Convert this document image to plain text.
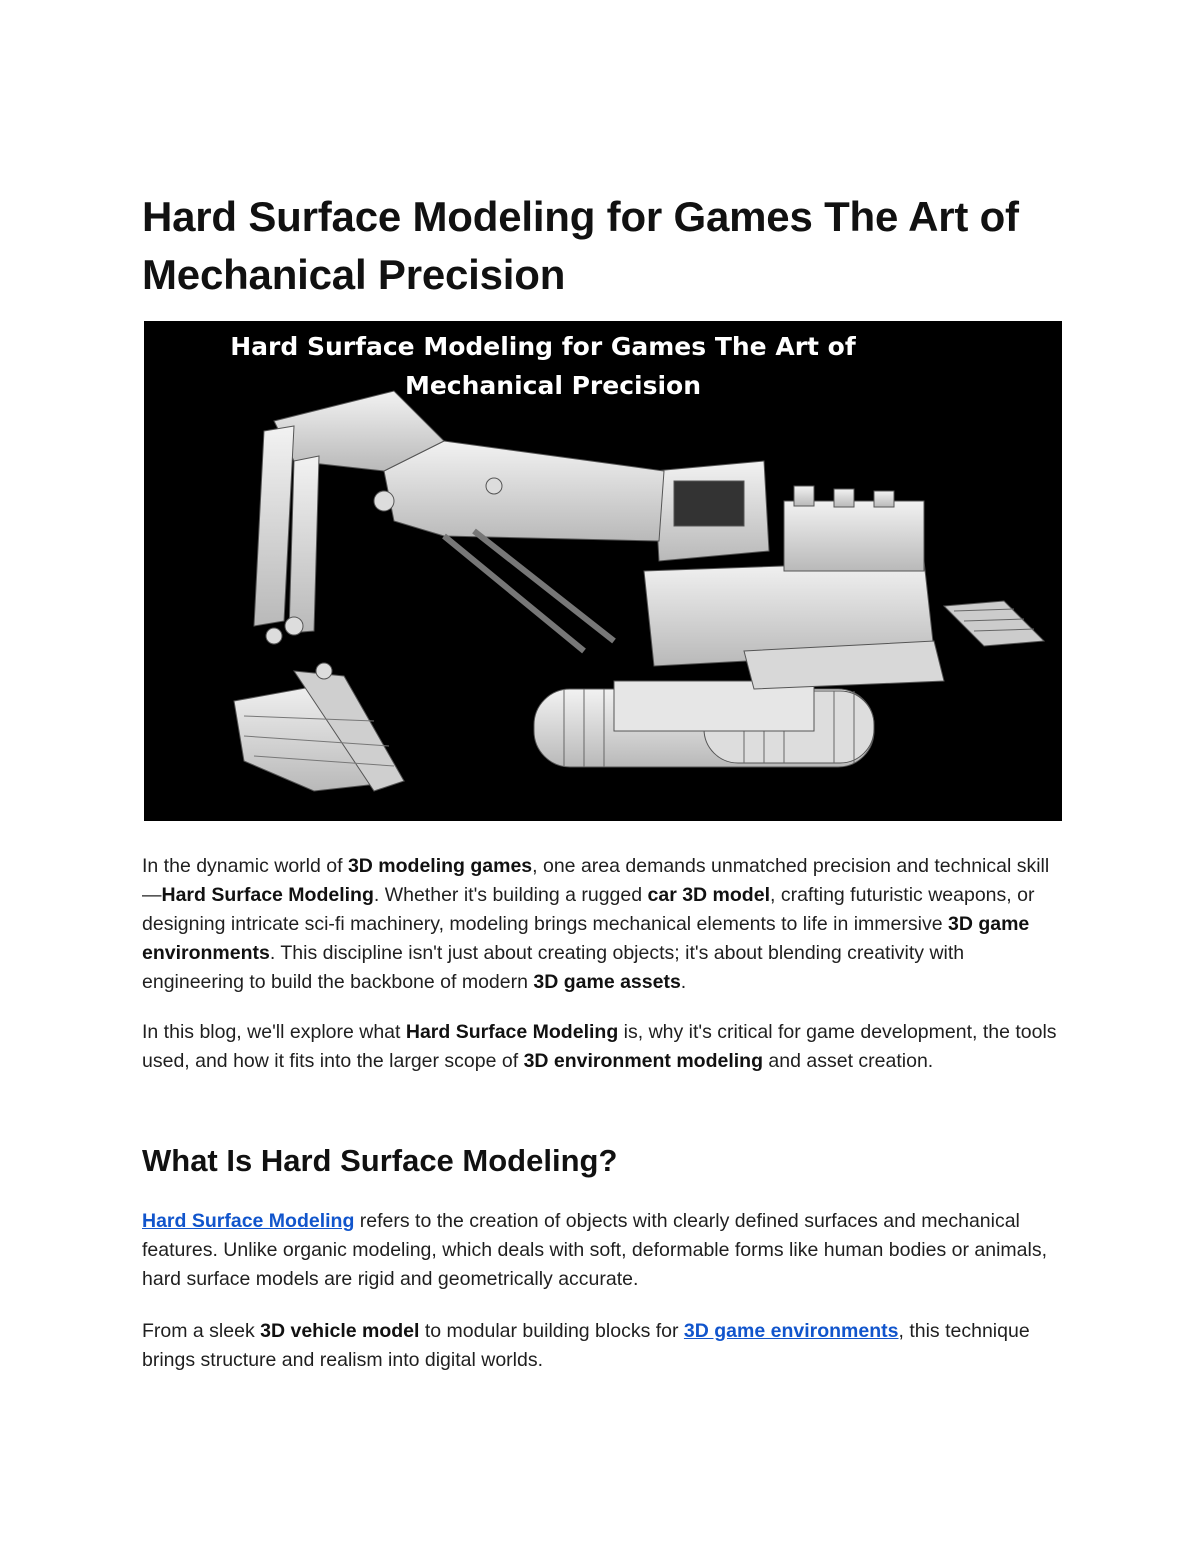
Hard Surface Modeling for Games The Art of Mechanical Precision
Hard Surface Modeling for Games The Art of
Mechanical Precision

In the dynamic world of 3D modeling games, one area demands unmatched precision and technical skill—Hard Surface Modeling. Whether it's building a rugged car 3D model, crafting futuristic weapons, or designing intricate sci-fi machinery, modeling brings mechanical elements to life in immersive 3D game environments. This discipline isn't just about creating objects; it's about blending creativity with engineering to build the backbone of modern 3D game assets.

In this blog, we'll explore what Hard Surface Modeling is, why it's critical for game development, the tools used, and how it fits into the larger scope of 3D environment modeling and asset creation.

What Is Hard Surface Modeling?

Hard Surface Modeling refers to the creation of objects with clearly defined surfaces and mechanical features. Unlike organic modeling, which deals with soft, deformable forms like human bodies or animals, hard surface models are rigid and geometrically accurate.

From a sleek 3D vehicle model to modular building blocks for 3D game environments, this technique brings structure and realism into digital worlds.
